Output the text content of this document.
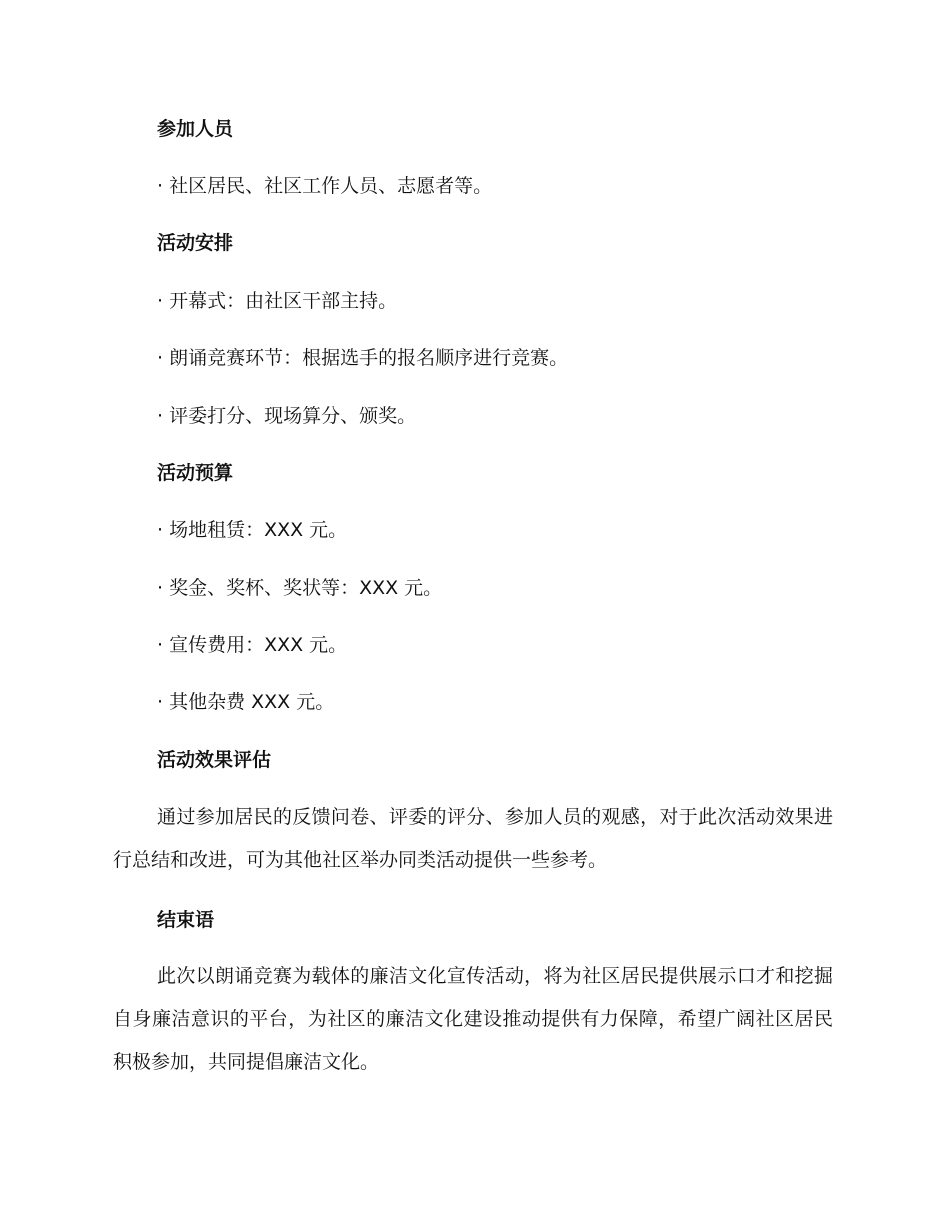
参加人员
· 社区居民、社区工作人员、志愿者等。
活动安排
· 开幕式：由社区干部主持。
· 朗诵竞赛环节：根据选手的报名顺序进行竞赛。
· 评委打分、现场算分、颁奖。
活动预算
· 场地租赁：XXX 元。
· 奖金、奖杯、奖状等：XXX 元。
· 宣传费用：XXX 元。
· 其他杂费 XXX 元。
活动效果评估

通过参加居民的反馈问卷、评委的评分、参加人员的观感，对于此次活动效果进行总结和改进，可为其他社区举办同类活动提供一些参考。

结束语

此次以朗诵竞赛为载体的廉洁文化宣传活动，将为社区居民提供展示口才和挖掘自身廉洁意识的平台，为社区的廉洁文化建设推动提供有力保障，希望广阔社区居民积极参加，共同提倡廉洁文化。
